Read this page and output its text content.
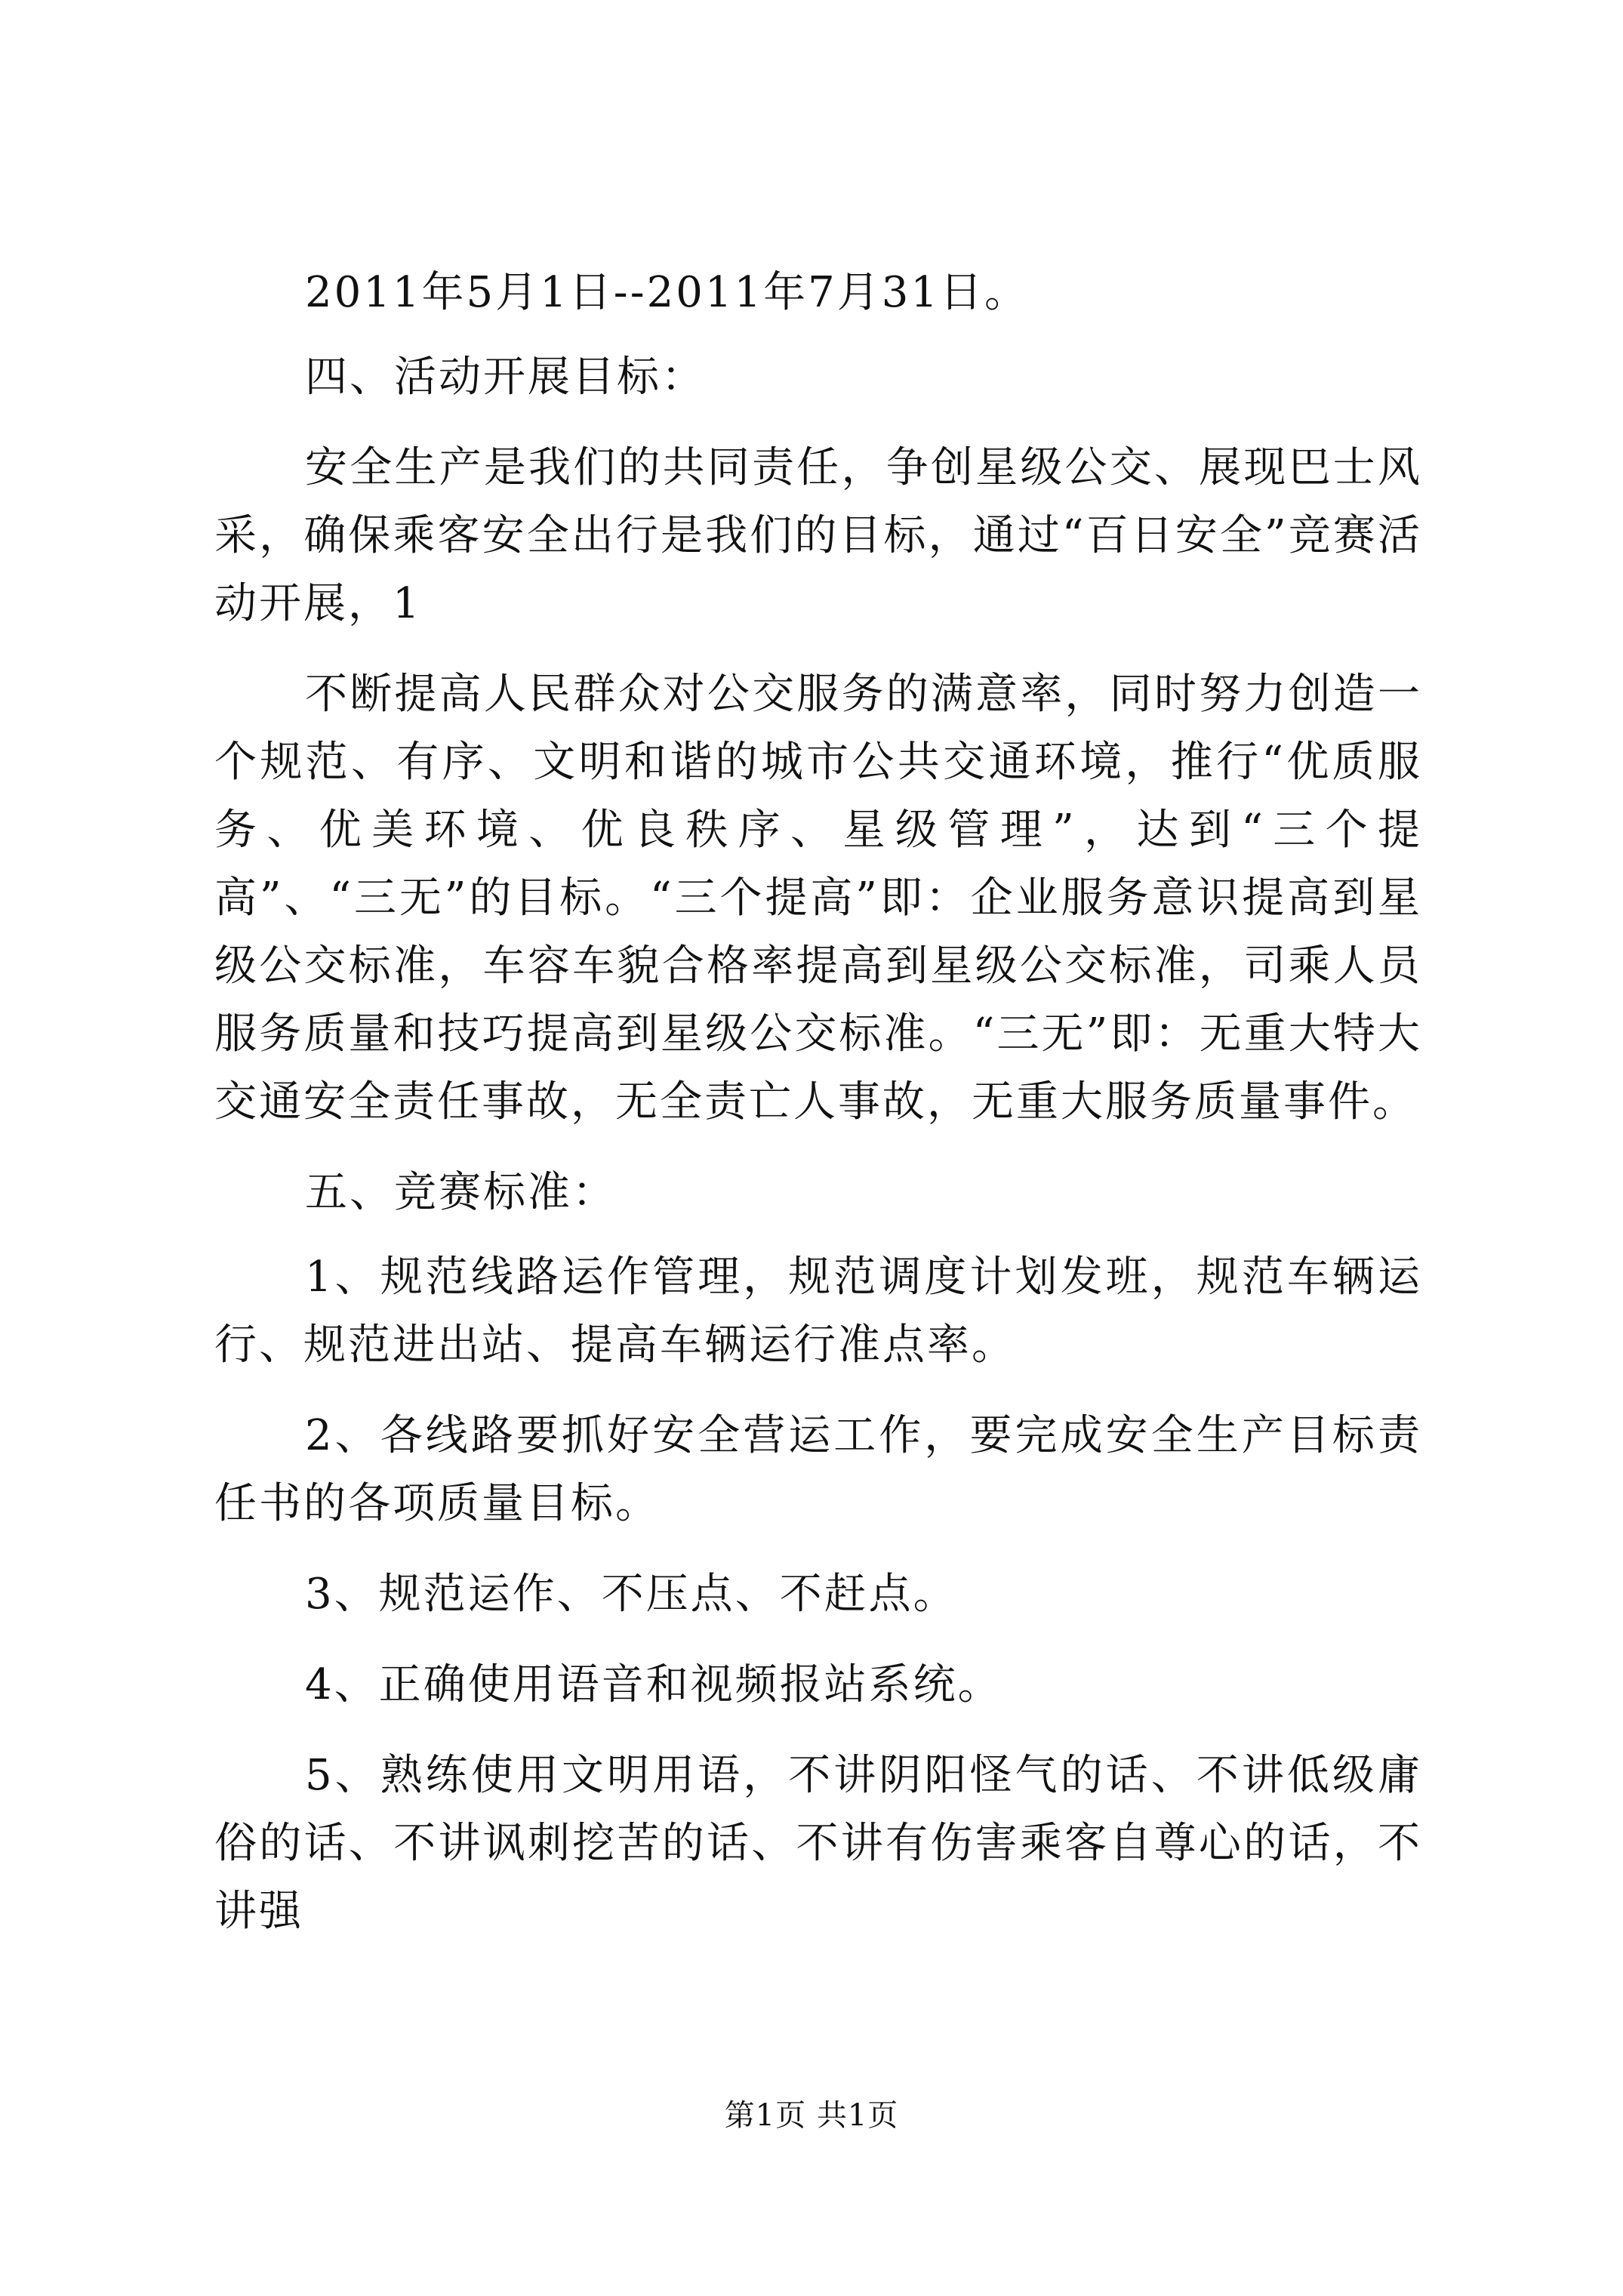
2011年5月1日--2011年7月31日。

四、活动开展目标：

安全生产是我们的共同责任，争创星级公交、展现巴士风采，确保乘客安全出行是我们的目标，通过“百日安全”竞赛活动开展，1

不断提高人民群众对公交服务的满意率，同时努力创造一个规范、有序、文明和谐的城市公共交通环境，推行“优质服务、优美环境、优良秩序、星级管理”，达到“三个提高”、“三无”的目标。“三个提高”即：企业服务意识提高到星级公交标准，车容车貌合格率提高到星级公交标准，司乘人员服务质量和技巧提高到星级公交标准。“三无”即：无重大特大交通安全责任事故，无全责亡人事故，无重大服务质量事件。

五、竞赛标准：

1、规范线路运作管理，规范调度计划发班，规范车辆运行、规范进出站、提高车辆运行准点率。

2、各线路要抓好安全营运工作，要完成安全生产目标责任书的各项质量目标。

3、规范运作、不压点、不赶点。

4、正确使用语音和视频报站系统。

5、熟练使用文明用语，不讲阴阳怪气的话、不讲低级庸俗的话、不讲讽刺挖苦的话、不讲有伤害乘客自尊心的话，不讲强

第1页 共1页
